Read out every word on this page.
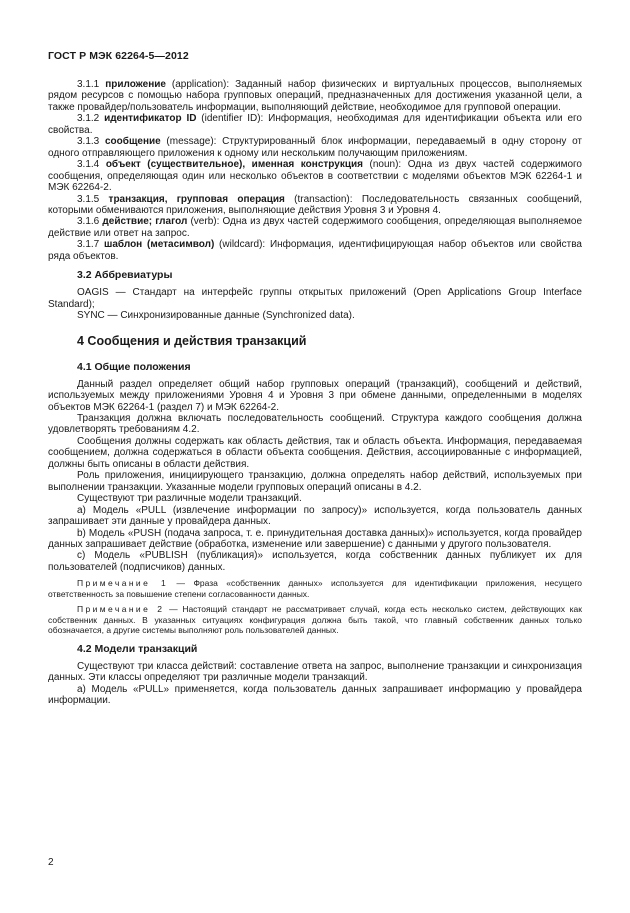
ГОСТ Р МЭК 62264-5—2012

3.1.1 приложение (application): Заданный набор физических и виртуальных процессов, выполняемых рядом ресурсов с помощью набора групповых операций, предназначенных для достижения указанной цели, а также провайдер/пользователь информации, выполняющий действие, необходимое для групповой операции.

3.1.2 идентификатор ID (identifier ID): Информация, необходимая для идентификации объекта или его свойства.

3.1.3 сообщение (message): Структурированный блок информации, передаваемый в одну сторону от одного отправляющего приложения к одному или нескольким получающим приложениям.

3.1.4 объект (существительное), именная конструкция (noun): Одна из двух частей содержимого сообщения, определяющая один или несколько объектов в соответствии с моделями объектов МЭК 62264-1 и МЭК 62264-2.

3.1.5 транзакция, групповая операция (transaction): Последовательность связанных сообщений, которыми обмениваются приложения, выполняющие действия Уровня 3 и Уровня 4.

3.1.6 действие; глагол (verb): Одна из двух частей содержимого сообщения, определяющая выполняемое действие или ответ на запрос.

3.1.7 шаблон (метасимвол) (wildcard): Информация, идентифицирующая набор объектов или свойства ряда объектов.

3.2 Аббревиатуры

OAGIS — Стандарт на интерфейс группы открытых приложений (Open Applications Group Interface Standard);

SYNC — Синхронизированные данные (Synchronized data).

4 Сообщения и действия транзакций
4.1 Общие положения

Данный раздел определяет общий набор групповых операций (транзакций), сообщений и действий, используемых между приложениями Уровня 4 и Уровня 3 при обмене данными, определенными в моделях объектов МЭК 62264-1 (раздел 7) и МЭК 62264-2.

Транзакция должна включать последовательность сообщений. Структура каждого сообщения должна удовлетворять требованиям 4.2.

Сообщения должны содержать как область действия, так и область объекта. Информация, передаваемая сообщением, должна содержаться в области объекта сообщения. Действия, ассоциированные с информацией, должны быть описаны в области действия.

Роль приложения, инициирующего транзакцию, должна определять набор действий, используемых при выполнении транзакции. Указанные модели групповых операций описаны в 4.2.

Существуют три различные модели транзакций.

а) Модель «PULL (извлечение информации по запросу)» используется, когда пользователь данных запрашивает эти данные у провайдера данных.

b) Модель «PUSH (подача запроса, т. е. принудительная доставка данных)» используется, когда провайдер данных запрашивает действие (обработка, изменение или завершение) с данными у другого пользователя.

c) Модель «PUBLISH (публикация)» используется, когда собственник данных публикует их для пользователей (подписчиков) данных.

Примечание 1 — Фраза «собственник данных» используется для идентификации приложения, несущего ответственность за повышение степени согласованности данных.

Примечание 2 — Настоящий стандарт не рассматривает случай, когда есть несколько систем, действующих как собственник данных. В указанных ситуациях конфигурация должна быть такой, что главный собственник данных только обозначается, а другие системы выполняют роль пользователей данных.

4.2 Модели транзакций

Существуют три класса действий: составление ответа на запрос, выполнение транзакции и синхронизация данных. Эти классы определяют три различные модели транзакций.

а) Модель «PULL» применяется, когда пользователь данных запрашивает информацию у провайдера информации.

2
